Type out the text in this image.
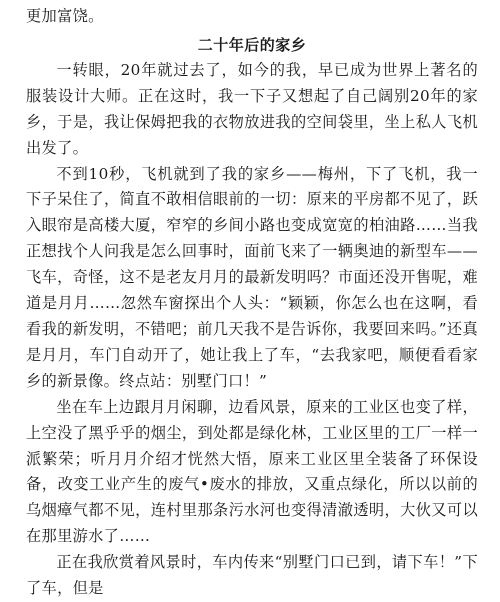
更加富饶。

二十年后的家乡

一转眼，20年就过去了，如今的我，早已成为世界上著名的服装设计大师。正在这时，我一下子又想起了自己阔别20年的家乡，于是，我让保姆把我的衣物放进我的空间袋里，坐上私人飞机出发了。

不到10秒，飞机就到了我的家乡——梅州，下了飞机，我一下子呆住了，简直不敢相信眼前的一切：原来的平房都不见了，跃入眼帘是高楼大厦，窄窄的乡间小路也变成宽宽的柏油路……当我正想找个人问我是怎么回事时，面前飞来了一辆奥迪的新型车——飞车，奇怪，这不是老友月月的最新发明吗？市面还没开售呢，难道是月月……忽然车窗探出个人头：“颖颖，你怎么也在这啊，看看我的新发明，不错吧；前几天我不是告诉你，我要回来吗。”还真是月月，车门自动开了，她让我上了车，“去我家吧，顺便看看家乡的新景像。终点站：别墅门口！”

坐在车上边跟月月闲聊，边看风景，原来的工业区也变了样，上空没了黑乎乎的烟尘，到处都是绿化林，工业区里的工厂一样一派繁荣；听月月介绍才恍然大悟，原来工业区里全装备了环保设备，改变工业产生的废气•废水的排放，又重点绿化，所以以前的乌烟瘴气都不见，连村里那条污水河也变得清澈透明，大伙又可以在那里游水了……

正在我欣赏着风景时，车内传来“别墅门口已到，请下车！”下了车，但是
